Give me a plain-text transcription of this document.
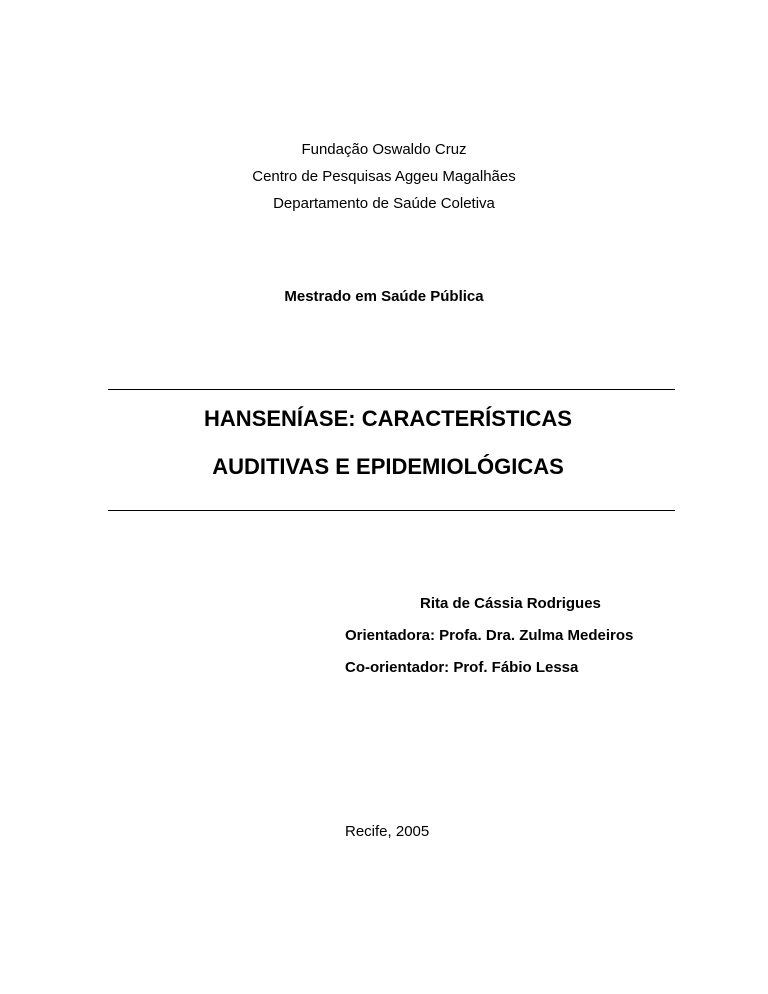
Fundação Oswaldo Cruz
Centro de Pesquisas Aggeu Magalhães
Departamento de Saúde Coletiva
Mestrado em Saúde Pública
HANSENÍASE: CARACTERÍSTICAS
AUDITIVAS E EPIDEMIOLÓGICAS
Rita de Cássia Rodrigues
Orientadora: Profa. Dra. Zulma Medeiros
Co-orientador: Prof. Fábio Lessa
Recife, 2005
